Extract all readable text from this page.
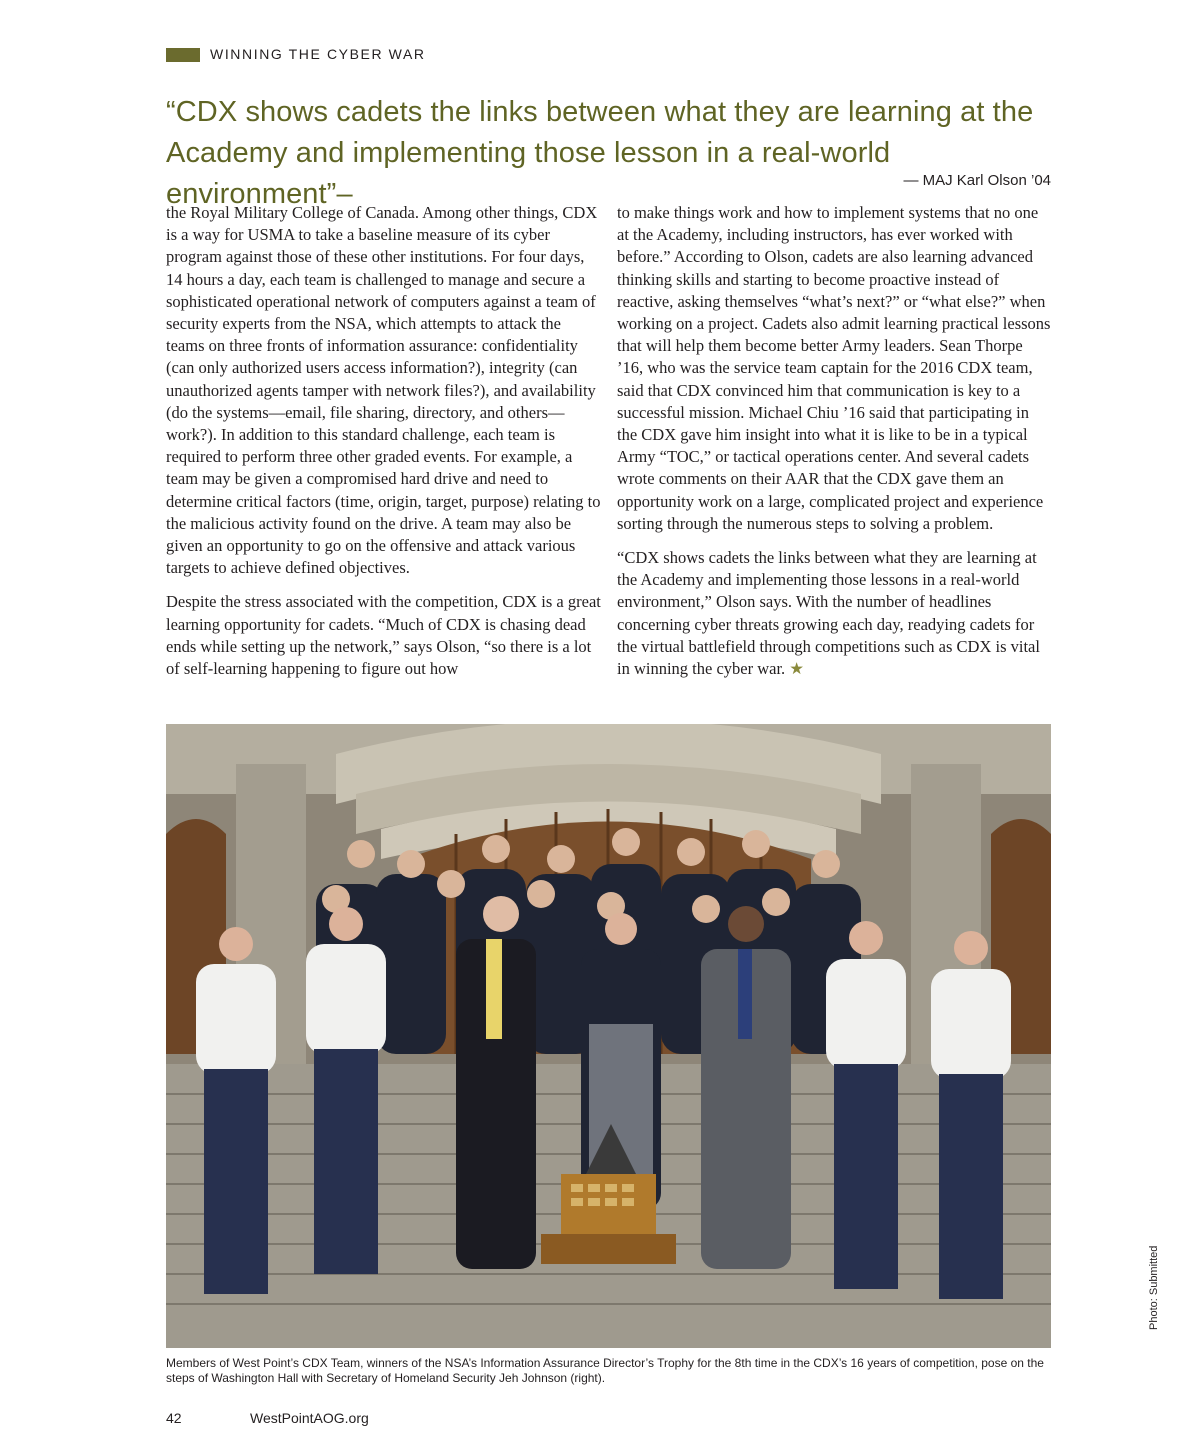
WINNING THE CYBER WAR
“CDX shows cadets the links between what they are learning at the Academy and implementing those lesson in a real-world environment”–	— MAJ Karl Olson ’04

the Royal Military College of Canada. Among other things, CDX is a way for USMA to take a baseline measure of its cyber program against those of these other institutions. For four days, 14 hours a day, each team is challenged to manage and secure a sophisticated operational network of computers against a team of security experts from the NSA, which attempts to attack the teams on three fronts of information assurance: confidentiality (can only authorized users access information?), integrity (can unauthorized agents tamper with network files?), and availability (do the systems—email, file sharing, directory, and others—work?). In addition to this standard challenge, each team is required to perform three other graded events. For example, a team may be given a compromised hard drive and need to determine critical factors (time, origin, target, purpose) relating to the malicious activity found on the drive. A team may also be given an opportunity to go on the offensive and attack various targets to achieve defined objectives.

Despite the stress associated with the competition, CDX is a great learning opportunity for cadets. “Much of CDX is chasing dead ends while setting up the network,” says Olson, “so there is a lot of self-learning happening to figure out how

to make things work and how to implement systems that no one at the Academy, including instructors, has ever worked with before.” According to Olson, cadets are also learning advanced thinking skills and starting to become proactive instead of reactive, asking themselves “what’s next?” or “what else?” when working on a project. Cadets also admit learning practical lessons that will help them become better Army leaders. Sean Thorpe ’16, who was the service team captain for the 2016 CDX team, said that CDX convinced him that communication is key to a successful mission. Michael Chiu ’16 said that participating in the CDX gave him insight into what it is like to be in a typical Army “TOC,” or tactical operations center. And several cadets wrote comments on their AAR that the CDX gave them an opportunity work on a large, complicated project and experience sorting through the numerous steps to solving a problem.

“CDX shows cadets the links between what they are learning at the Academy and implementing those lessons in a real-world environment,” Olson says. With the number of headlines concerning cyber threats growing each day, readying cadets for the virtual battlefield through competitions such as CDX is vital in winning the cyber war. ★

Members of West Point’s CDX Team, winners of the NSA’s Information Assurance Director’s Trophy for the 8th time in the CDX’s 16 years of competition, pose on the steps of Washington Hall with Secretary of Homeland Security Jeh Johnson (right).
Photo: Submitted
42	WestPointAOG.org
